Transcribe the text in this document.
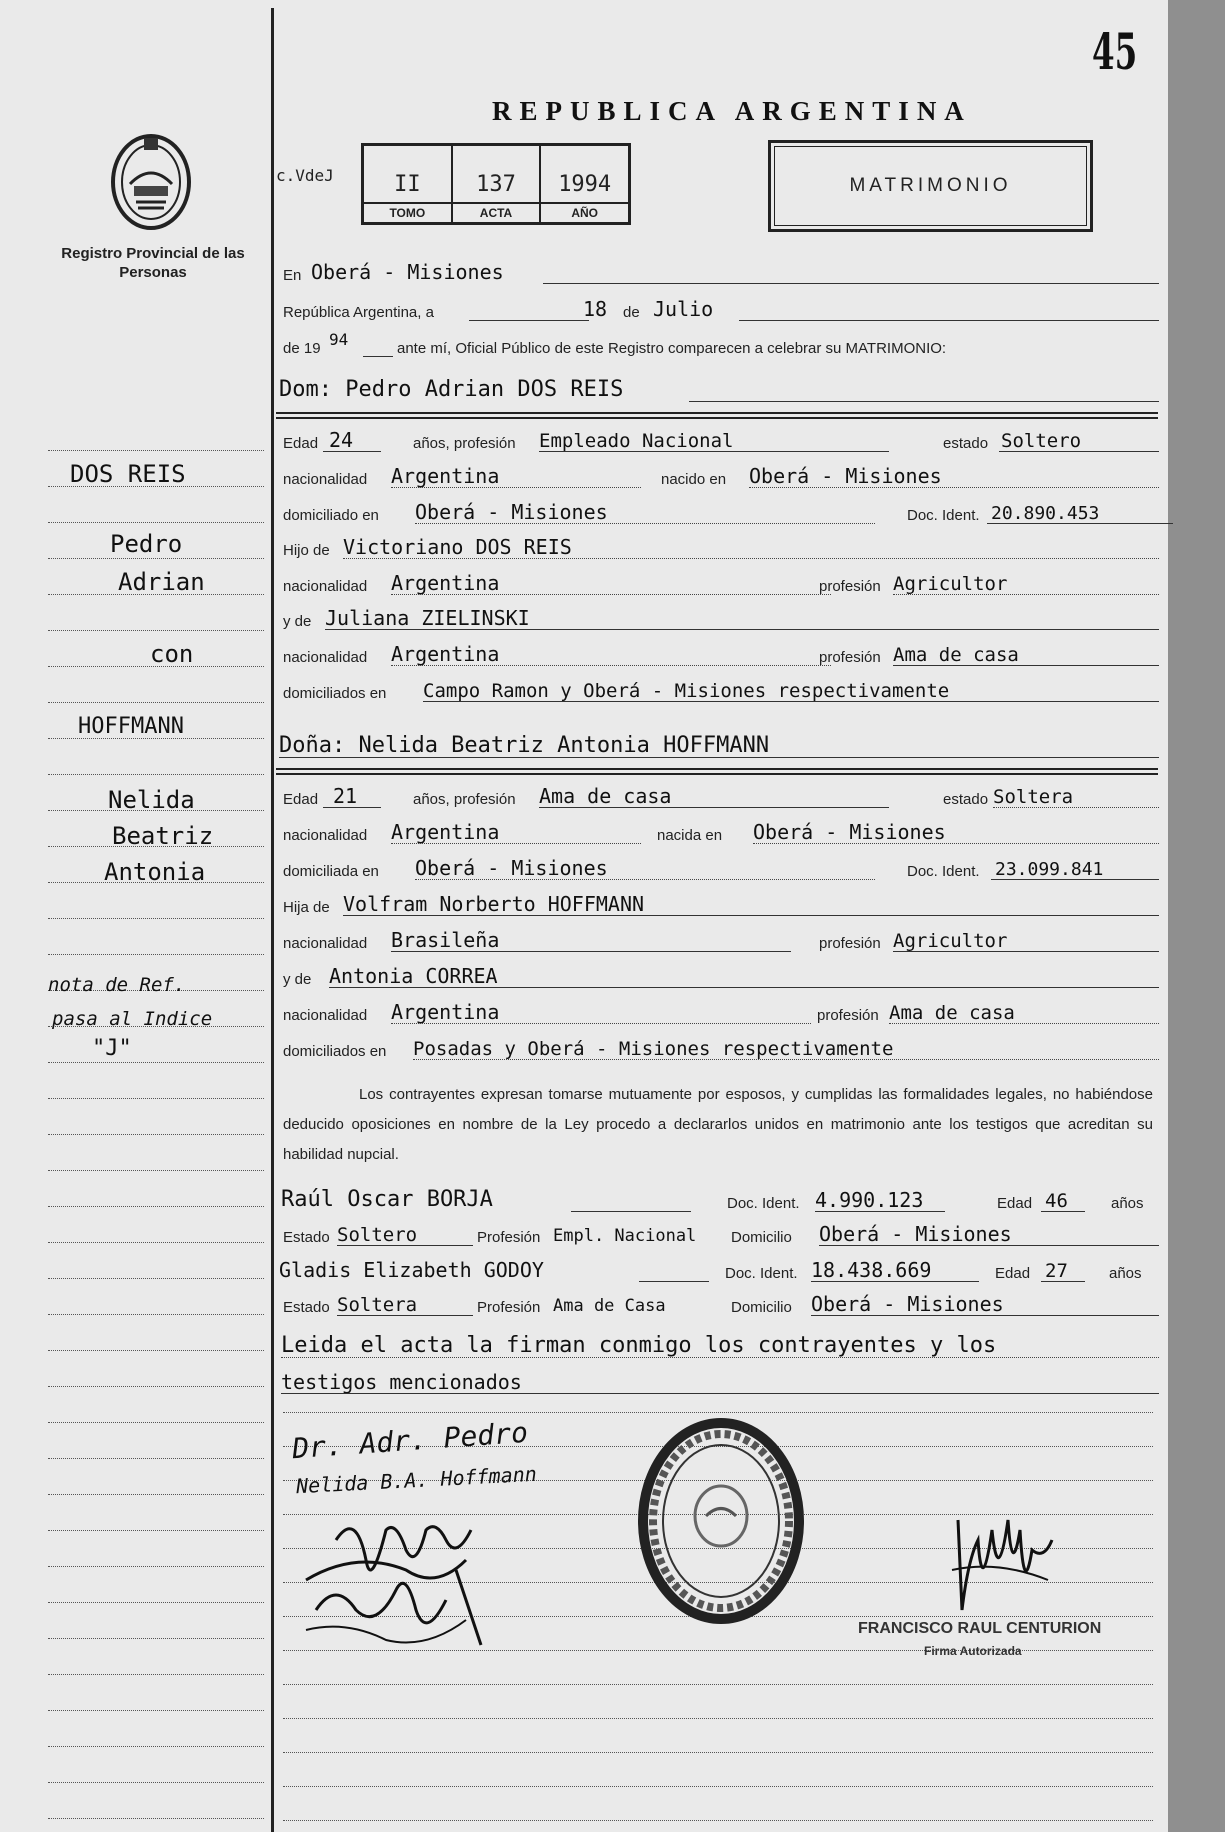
45
REPUBLICA ARGENTINA
Registro Provincial de las Personas
c.VdeJ	II
TOMO
137
ACTA
1994
AÑO
MATRIMONIO
En Oberá - Misiones
República Argentina, a	18 de Julio
de 19 94	ante mí, Oficial Público de este Registro comparecen a celebrar su MATRIMONIO:
Dom: Pedro Adrian DOS REIS
Edad 24	años, profesión Empleado Nacional	estado Soltero
nacionalidad Argentina	nacido en Oberá - Misiones
domiciliado en Oberá - Misiones	Doc. Ident. 20.890.453
Hijo de Victoriano DOS REIS
nacionalidad Argentina	profesión Agricultor
y de Juliana ZIELINSKI
nacionalidad Argentina	profesión Ama de casa
domiciliados en Campo Ramon y Oberá - Misiones respectivamente
Doña: Nelida Beatriz Antonia HOFFMANN
Edad 21	años, profesión Ama de casa	estado Soltera
nacionalidad Argentina	nacida en Oberá - Misiones
domiciliada en Oberá - Misiones	Doc. Ident. 23.099.841
Hija de Volfram Norberto HOFFMANN
nacionalidad Brasileña	profesión Agricultor
y de Antonia CORREA
nacionalidad Argentina	profesión Ama de casa
domiciliados en Posadas y Oberá - Misiones respectivamente
Los contrayentes expresan tomarse mutuamente por esposos, y cumplidas las formalidades legales, no habiéndose deducido oposiciones en nombre de la Ley procedo a declararlos unidos en matrimonio ante los testigos que acreditan su habilidad nupcial.
Raúl Oscar BORJA	Doc. Ident. 4.990.123	Edad 46	años
Estado Soltero	Profesión Empl. Nacional Domicilio Oberá - Misiones
Gladis Elizabeth GODOY	Doc. Ident. 18.438.669	Edad 27	años
Estado Soltera	Profesión Ama de Casa	Domicilio Oberá - Misiones
Leida el acta la firman conmigo los contrayentes y los
testigos mencionados
Dr. Adr. Pedro
Nelida B.A. Hoffmann
FRANCISCO RAUL CENTURION
Firma Autorizada
DOS REIS
Pedro
Adrian
con
HOFFMANN
Nelida
Beatriz
Antonia
nota de Ref.
pasa al Indice
"J"
